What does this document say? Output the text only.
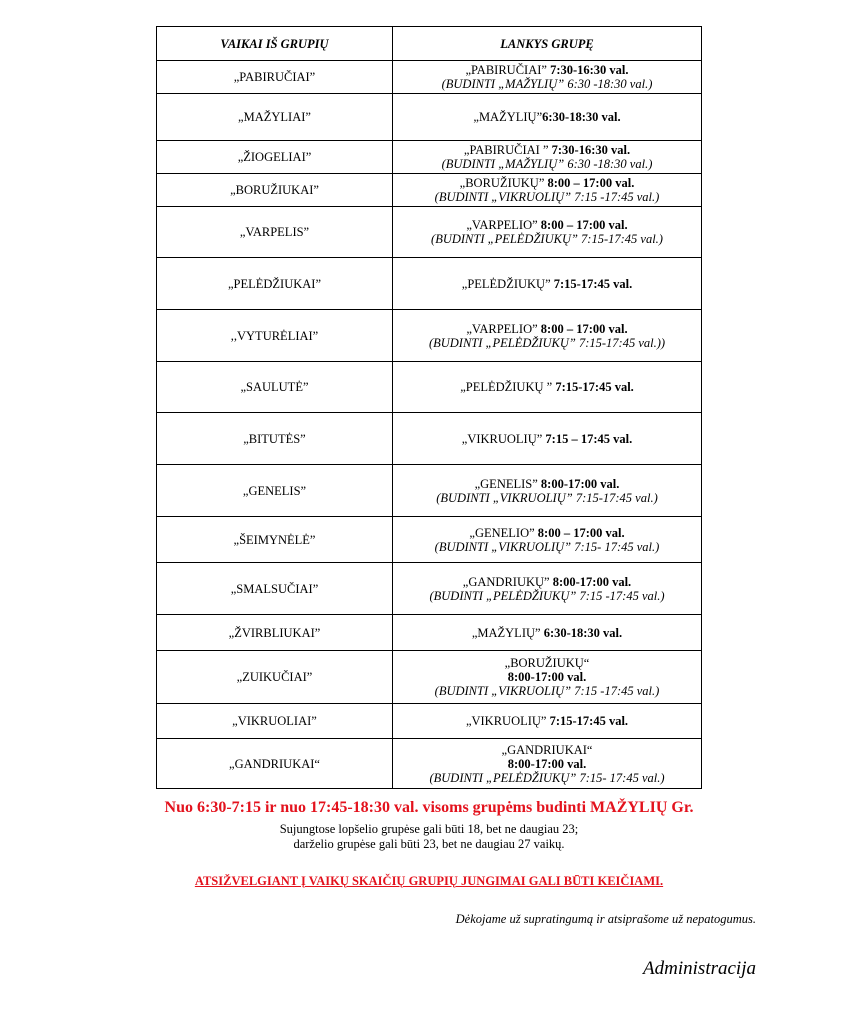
VAIKAI IŠ GRUPIŲ	LANKYS GRUPĘ
„PABIRUČIAI”	„PABIRUČIAI” 7:30-16:30 val.
(BUDINTI „MAŽYLIŲ” 6:30 -18:30 val.)
„MAŽYLIAI”	„MAŽYLIŲ”6:30-18:30 val.
„ŽIOGELIAI”	„PABIRUČIAI ” 7:30-16:30 val.
(BUDINTI „MAŽYLIŲ” 6:30 -18:30 val.)
„BORUŽIUKAI”	„BORUŽIUKŲ” 8:00 – 17:00 val.
(BUDINTI „VIKRUOLIŲ” 7:15 -17:45 val.)
„VARPELIS”	„VARPELIO” 8:00 – 17:00 val.
(BUDINTI „PELĖDŽIUKŲ” 7:15-17:45 val.)
„PELĖDŽIUKAI”	„PELĖDŽIUKŲ” 7:15-17:45 val.
,,VYTURĖLIAI”	„VARPELIO” 8:00 – 17:00 val.
(BUDINTI „PELĖDŽIUKŲ” 7:15-17:45 val.))
„SAULUTĖ”	„PELĖDŽIUKŲ ” 7:15-17:45 val.
„BITUTĖS”	„VIKRUOLIŲ” 7:15 – 17:45 val.
„GENELIS”	„GENELIS” 8:00-17:00 val.
(BUDINTI „VIKRUOLIŲ” 7:15-17:45 val.)
„ŠEIMYNĖLĖ”	„GENELIO” 8:00 – 17:00 val.
(BUDINTI „VIKRUOLIŲ” 7:15- 17:45 val.)
„SMALSUČIAI”	„GANDRIUKŲ” 8:00-17:00 val.
(BUDINTI „PELĖDŽIUKŲ” 7:15 -17:45 val.)
„ŽVIRBLIUKAI”	„MAŽYLIŲ” 6:30-18:30 val.
„ZUIKUČIAI”	„BORUŽIUKŲ“
8:00-17:00 val.
(BUDINTI „VIKRUOLIŲ” 7:15 -17:45 val.)
„VIKRUOLIAI”	„VIKRUOLIŲ” 7:15-17:45 val.
„GANDRIUKAI“	„GANDRIUKAI“
8:00-17:00 val.
(BUDINTI „PELĖDŽIUKŲ” 7:15- 17:45 val.)
Nuo 6:30-7:15 ir nuo 17:45-18:30 val. visoms grupėms budinti MAŽYLIŲ Gr.
Sujungtose lopšelio grupėse gali būti 18, bet ne daugiau 23;
darželio grupėse gali būti 23, bet ne daugiau 27 vaikų.
ATSIŽVELGIANT Į VAIKŲ SKAIČIŲ GRUPIŲ JUNGIMAI GALI BŪTI KEIČIAMI.
Dėkojame už supratingumą ir atsiprašome už nepatogumus.
Administracija
